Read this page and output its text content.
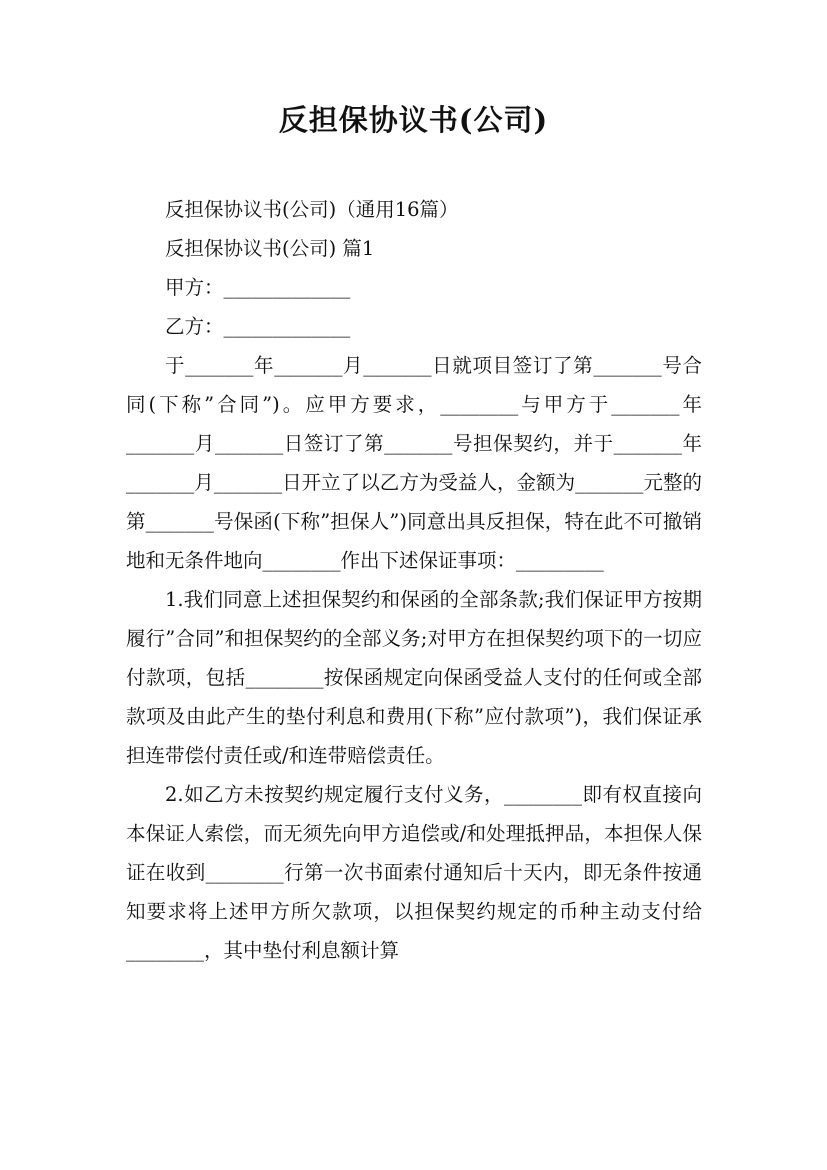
反担保协议书(公司)

反担保协议书(公司)（通用16篇）

反担保协议书(公司) 篇1

甲方：_____________

乙方：_____________

于_______年_______月_______日就项目签订了第_______号合同(下称”合同”)。应甲方要求，________与甲方于_______年_______月_______日签订了第_______号担保契约，并于_______年_______月_______日开立了以乙方为受益人，金额为_______元整的第_______号保函(下称”担保人”)同意出具反担保，特在此不可撤销地和无条件地向________作出下述保证事项：_________

1.我们同意上述担保契约和保函的全部条款;我们保证甲方按期履行”合同”和担保契约的全部义务;对甲方在担保契约项下的一切应付款项，包括________按保函规定向保函受益人支付的任何或全部款项及由此产生的垫付利息和费用(下称”应付款项”)，我们保证承担连带偿付责任或/和连带赔偿责任。

2.如乙方未按契约规定履行支付义务，________即有权直接向本保证人索偿，而无须先向甲方追偿或/和处理抵押品，本担保人保证在收到________行第一次书面索付通知后十天内，即无条件按通知要求将上述甲方所欠款项，以担保契约规定的币种主动支付给________，其中垫付利息额计算
